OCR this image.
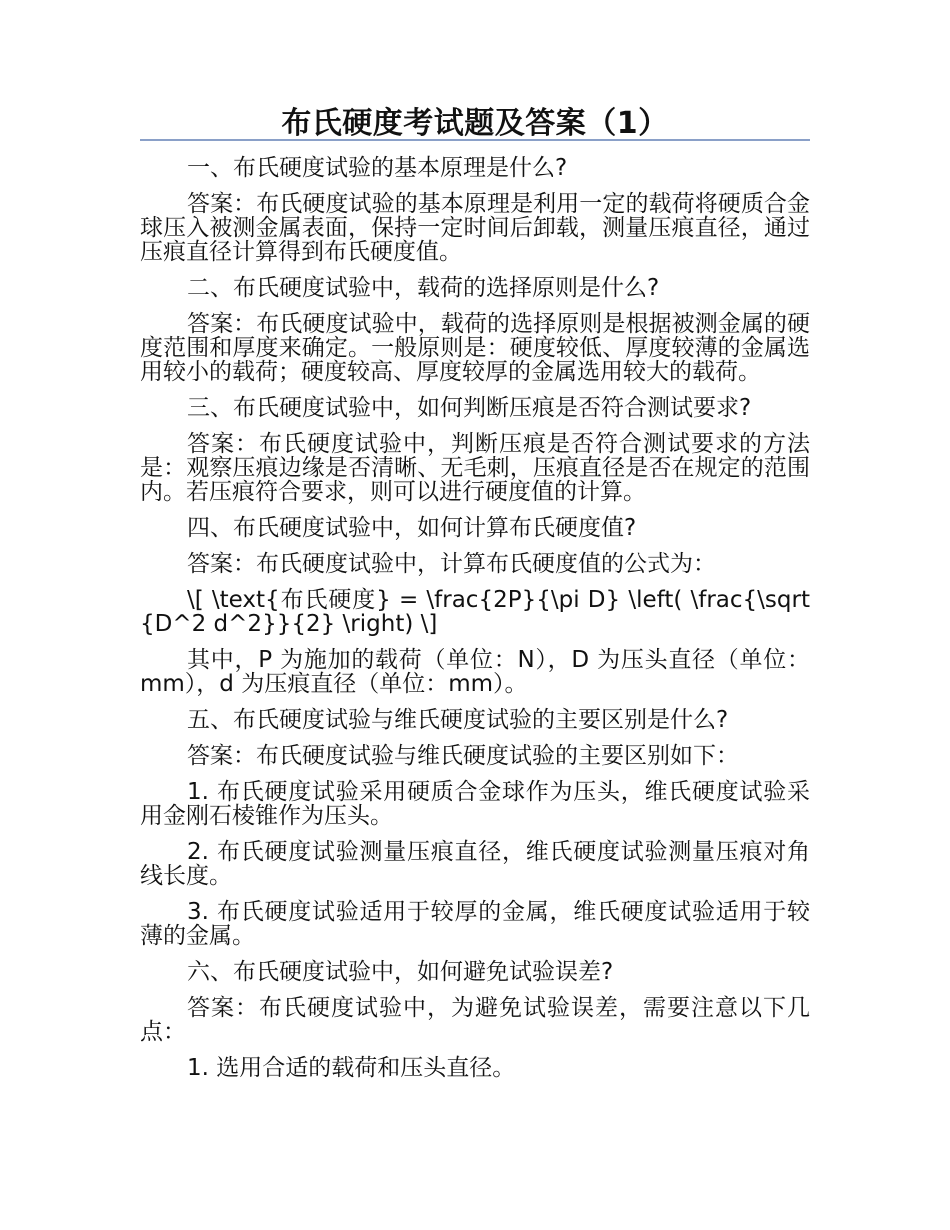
布氏硬度考试题及答案（1）

一、布氏硬度试验的基本原理是什么?

答案：布氏硬度试验的基本原理是利用一定的载荷将硬质合金球压入被测金属表面，保持一定时间后卸载，测量压痕直径，通过压痕直径计算得到布氏硬度值。

二、布氏硬度试验中，载荷的选择原则是什么?

答案：布氏硬度试验中，载荷的选择原则是根据被测金属的硬度范围和厚度来确定。一般原则是：硬度较低、厚度较薄的金属选用较小的载荷；硬度较高、厚度较厚的金属选用较大的载荷。

三、布氏硬度试验中，如何判断压痕是否符合测试要求?

答案：布氏硬度试验中，判断压痕是否符合测试要求的方法是：观察压痕边缘是否清晰、无毛刺，压痕直径是否在规定的范围内。若压痕符合要求，则可以进行硬度值的计算。

四、布氏硬度试验中，如何计算布氏硬度值?

答案：布氏硬度试验中，计算布氏硬度值的公式为：

\[ \text{布氏硬度} = \frac{2P}{\pi D} \left( \frac{\sqrt{D^2 d^2}}{2} \right) \]

其中，P 为施加的载荷（单位：N），D 为压头直径（单位：mm），d 为压痕直径（单位：mm）。

五、布氏硬度试验与维氏硬度试验的主要区别是什么?

答案：布氏硬度试验与维氏硬度试验的主要区别如下：

1. 布氏硬度试验采用硬质合金球作为压头，维氏硬度试验采用金刚石棱锥作为压头。

2. 布氏硬度试验测量压痕直径，维氏硬度试验测量压痕对角线长度。

3. 布氏硬度试验适用于较厚的金属，维氏硬度试验适用于较薄的金属。

六、布氏硬度试验中，如何避免试验误差?

答案：布氏硬度试验中，为避免试验误差，需要注意以下几点：

1. 选用合适的载荷和压头直径。
